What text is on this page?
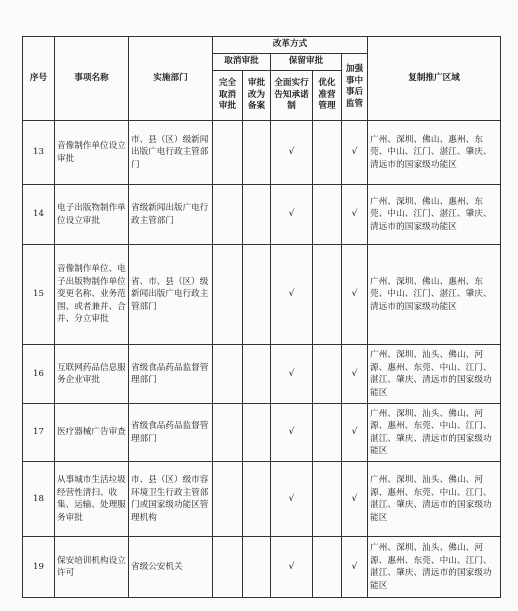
序号	事项名称	实施部门	改革方式					复制推广区域
			取消审批		保留审批		加强事中事后监管	
			完全取消审批	审批改为备案	全面实行告知承诺制	优化准营管理		
13	音像制作单位设立审批	市、县（区）级新闻出版广电行政主管部门			√		√	广州、深圳、佛山、惠州、东莞、中山、江门、湛江、肇庆、清远市的国家级功能区
14	电子出版物制作单位设立审批	省级新闻出版广电行政主管部门			√		√	广州、深圳、佛山、惠州、东莞、中山、江门、湛江、肇庆、清远市的国家级功能区
15	音像制作单位、电子出版物制作单位变更名称、业务范围、或者兼并、合并、分立审批	省、市、县（区）级新闻出版广电行政主管部门			√		√	广州、深圳、佛山、惠州、东莞、中山、江门、湛江、肇庆、清远市的国家级功能区
16	互联网药品信息服务企业审批	省级食品药品监督管理部门			√		√	广州、深圳、汕头、佛山、河源、惠州、东莞、中山、江门、湛江、肇庆、清远市的国家级功能区
17	医疗器械广告审查	省级食品药品监督管理部门			√		√	广州、深圳、汕头、佛山、河源、惠州、东莞、中山、江门、湛江、肇庆、清远市的国家级功能区
18	从事城市生活垃圾经营性清扫、收集、运输、处理服务审批	市、县（区）级市容环境卫生行政主管部门或国家级功能区管理机构			√		√	广州、深圳、汕头、佛山、河源、惠州、东莞、中山、江门、湛江、肇庆、清远市的国家级功能区
19	保安培训机构设立许可	省级公安机关			√		√	广州、深圳、汕头、佛山、河源、惠州、东莞、中山、江门、湛江、肇庆、清远市的国家级功能区
